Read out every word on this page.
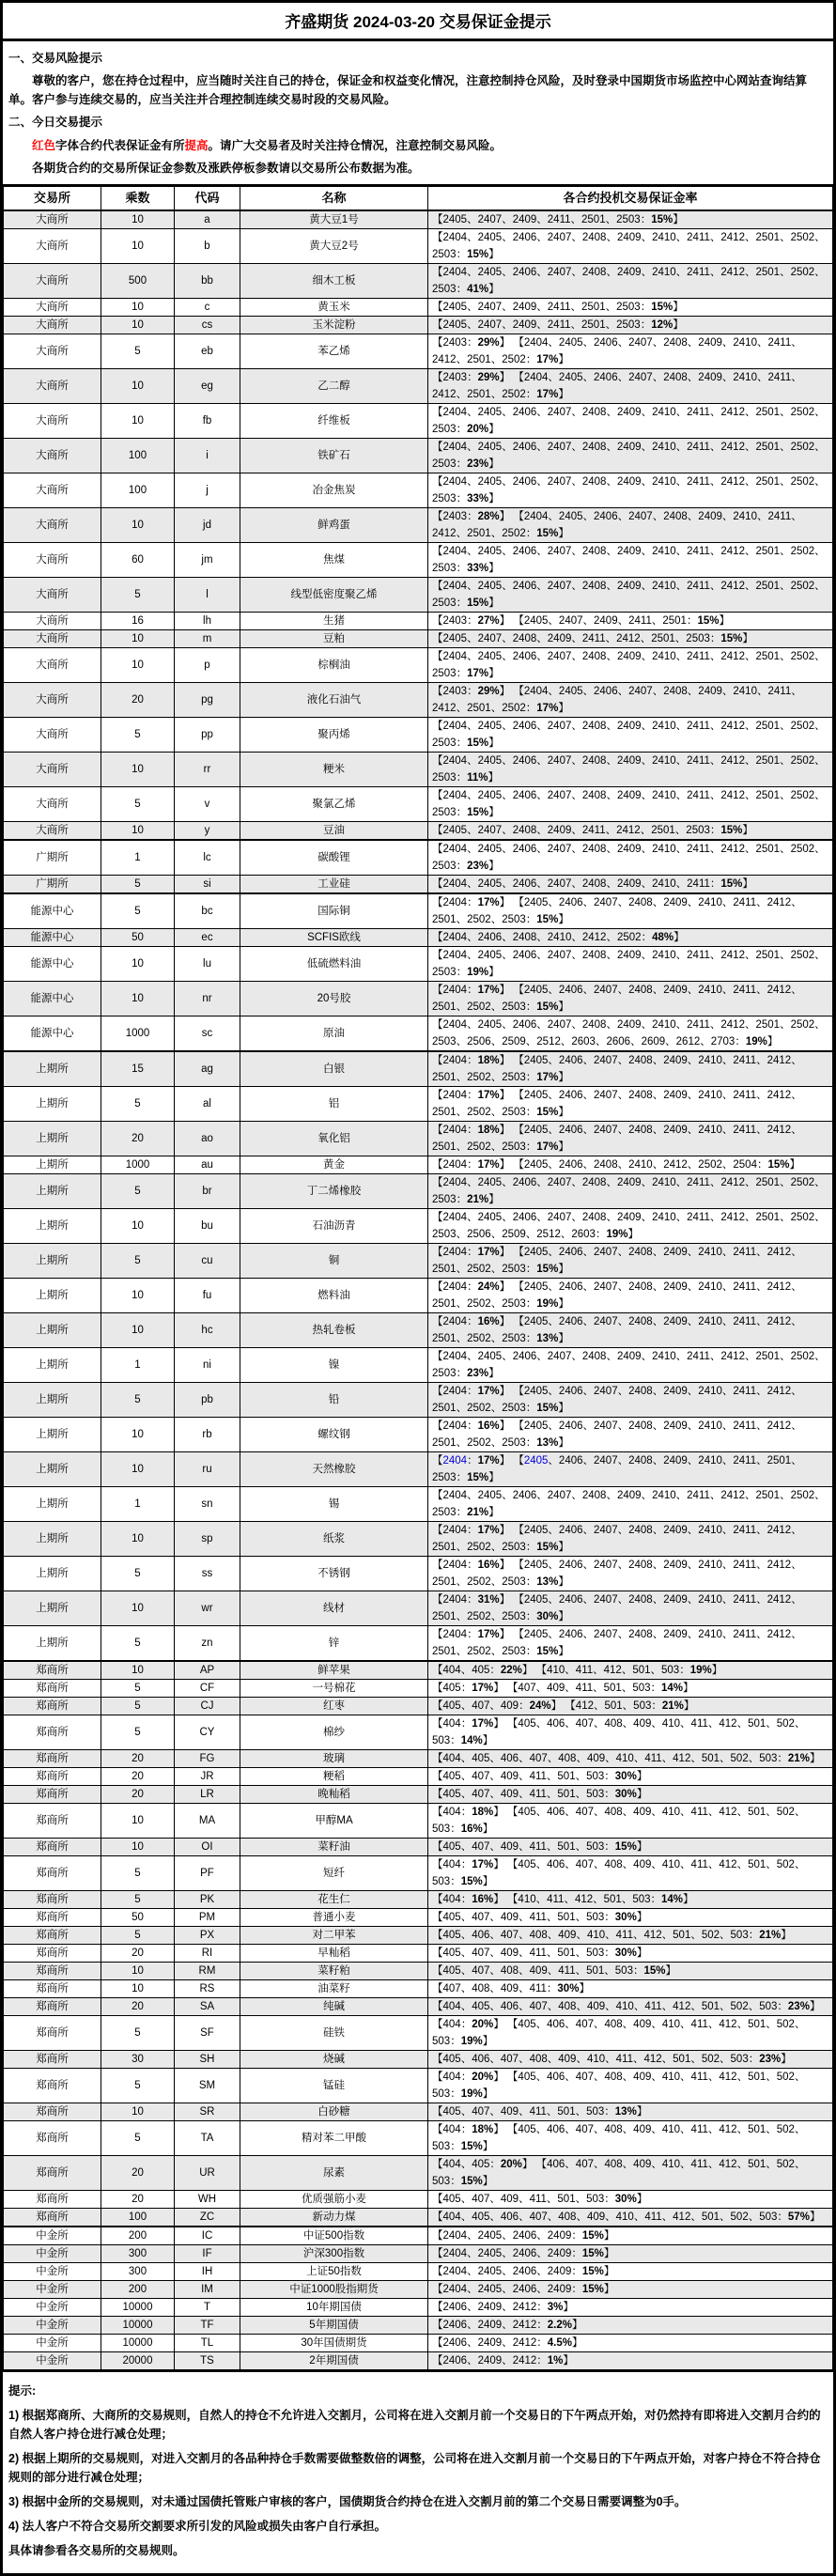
齐盛期货 2024-03-20 交易保证金提示

一、交易风险提示

尊敬的客户，您在持仓过程中，应当随时关注自己的持仓，保证金和权益变化情况，注意控制持仓风险，及时登录中国期货市场监控中心网站查询结算单。客户参与连续交易的，应当关注并合理控制连续交易时段的交易风险。

二、今日交易提示

红色字体合约代表保证金有所提高。请广大交易者及时关注持仓情况，注意控制交易风险。

各期货合约的交易所保证金参数及涨跌停板参数请以交易所公布数据为准。

交易所	乘数	代码	名称	各合约投机交易保证金率
大商所	10	a	黄大豆1号	【2405、2407、2409、2411、2501、2503：15%】
大商所	10	b	黄大豆2号	【2404、2405、2406、2407、2408、2409、2410、2411、2412、2501、2502、2503：15%】
大商所	500	bb	细木工板	【2404、2405、2406、2407、2408、2409、2410、2411、2412、2501、2502、2503：41%】
大商所	10	c	黄玉米	【2405、2407、2409、2411、2501、2503：15%】
大商所	10	cs	玉米淀粉	【2405、2407、2409、2411、2501、2503：12%】
大商所	5	eb	苯乙烯	【2403：29%】 【2404、2405、2406、2407、2408、2409、2410、2411、2412、2501、2502：17%】
大商所	10	eg	乙二醇	【2403：29%】 【2404、2405、2406、2407、2408、2409、2410、2411、2412、2501、2502：17%】
大商所	10	fb	纤维板	【2404、2405、2406、2407、2408、2409、2410、2411、2412、2501、2502、2503：20%】
大商所	100	i	铁矿石	【2404、2405、2406、2407、2408、2409、2410、2411、2412、2501、2502、2503：23%】
大商所	100	j	冶金焦炭	【2404、2405、2406、2407、2408、2409、2410、2411、2412、2501、2502、2503：33%】
大商所	10	jd	鲜鸡蛋	【2403：28%】 【2404、2405、2406、2407、2408、2409、2410、2411、2412、2501、2502：15%】
大商所	60	jm	焦煤	【2404、2405、2406、2407、2408、2409、2410、2411、2412、2501、2502、2503：33%】
大商所	5	l	线型低密度聚乙烯	【2404、2405、2406、2407、2408、2409、2410、2411、2412、2501、2502、2503：15%】
大商所	16	lh	生猪	【2403：27%】 【2405、2407、2409、2411、2501：15%】
大商所	10	m	豆粕	【2405、2407、2408、2409、2411、2412、2501、2503：15%】
大商所	10	p	棕榈油	【2404、2405、2406、2407、2408、2409、2410、2411、2412、2501、2502、2503：17%】
大商所	20	pg	液化石油气	【2403：29%】 【2404、2405、2406、2407、2408、2409、2410、2411、2412、2501、2502：17%】
大商所	5	pp	聚丙烯	【2404、2405、2406、2407、2408、2409、2410、2411、2412、2501、2502、2503：15%】
大商所	10	rr	粳米	【2404、2405、2406、2407、2408、2409、2410、2411、2412、2501、2502、2503：11%】
大商所	5	v	聚氯乙烯	【2404、2405、2406、2407、2408、2409、2410、2411、2412、2501、2502、2503：15%】
大商所	10	y	豆油	【2405、2407、2408、2409、2411、2412、2501、2503：15%】
广期所	1	lc	碳酸锂	【2404、2405、2406、2407、2408、2409、2410、2411、2412、2501、2502、2503：23%】
广期所	5	si	工业硅	【2404、2405、2406、2407、2408、2409、2410、2411：15%】
能源中心	5	bc	国际铜	【2404：17%】 【2405、2406、2407、2408、2409、2410、2411、2412、2501、2502、2503：15%】
能源中心	50	ec	SCFIS欧线	【2404、2406、2408、2410、2412、2502：48%】
能源中心	10	lu	低硫燃料油	【2404、2405、2406、2407、2408、2409、2410、2411、2412、2501、2502、2503：19%】
能源中心	10	nr	20号胶	【2404：17%】 【2405、2406、2407、2408、2409、2410、2411、2412、2501、2502、2503：15%】
能源中心	1000	sc	原油	【2404、2405、2406、2407、2408、2409、2410、2411、2412、2501、2502、2503、2506、2509、2512、2603、2606、2609、2612、2703：19%】
上期所	15	ag	白银	【2404：18%】 【2405、2406、2407、2408、2409、2410、2411、2412、2501、2502、2503：17%】
上期所	5	al	铝	【2404：17%】 【2405、2406、2407、2408、2409、2410、2411、2412、2501、2502、2503：15%】
上期所	20	ao	氧化铝	【2404：18%】 【2405、2406、2407、2408、2409、2410、2411、2412、2501、2502、2503：17%】
上期所	1000	au	黄金	【2404：17%】 【2405、2406、2408、2410、2412、2502、2504：15%】
上期所	5	br	丁二烯橡胶	【2404、2405、2406、2407、2408、2409、2410、2411、2412、2501、2502、2503：21%】
上期所	10	bu	石油沥青	【2404、2405、2406、2407、2408、2409、2410、2411、2412、2501、2502、2503、2506、2509、2512、2603：19%】
上期所	5	cu	铜	【2404：17%】 【2405、2406、2407、2408、2409、2410、2411、2412、2501、2502、2503：15%】
上期所	10	fu	燃料油	【2404：24%】 【2405、2406、2407、2408、2409、2410、2411、2412、2501、2502、2503：19%】
上期所	10	hc	热轧卷板	【2404：16%】 【2405、2406、2407、2408、2409、2410、2411、2412、2501、2502、2503：13%】
上期所	1	ni	镍	【2404、2405、2406、2407、2408、2409、2410、2411、2412、2501、2502、2503：23%】
上期所	5	pb	铅	【2404：17%】 【2405、2406、2407、2408、2409、2410、2411、2412、2501、2502、2503：15%】
上期所	10	rb	螺纹钢	【2404：16%】 【2405、2406、2407、2408、2409、2410、2411、2412、2501、2502、2503：13%】
上期所	10	ru	天然橡胶	【2404：17%】 【2405、2406、2407、2408、2409、2410、2411、2501、2503：15%】
上期所	1	sn	锡	【2404、2405、2406、2407、2408、2409、2410、2411、2412、2501、2502、2503：21%】
上期所	10	sp	纸浆	【2404：17%】 【2405、2406、2407、2408、2409、2410、2411、2412、2501、2502、2503：15%】
上期所	5	ss	不锈钢	【2404：16%】 【2405、2406、2407、2408、2409、2410、2411、2412、2501、2502、2503：13%】
上期所	10	wr	线材	【2404：31%】 【2405、2406、2407、2408、2409、2410、2411、2412、2501、2502、2503：30%】
上期所	5	zn	锌	【2404：17%】 【2405、2406、2407、2408、2409、2410、2411、2412、2501、2502、2503：15%】
郑商所	10	AP	鲜苹果	【404、405：22%】 【410、411、412、501、503：19%】
郑商所	5	CF	一号棉花	【405：17%】 【407、409、411、501、503：14%】
郑商所	5	CJ	红枣	【405、407、409：24%】 【412、501、503：21%】
郑商所	5	CY	棉纱	【404：17%】 【405、406、407、408、409、410、411、412、501、502、503：14%】
郑商所	20	FG	玻璃	【404、405、406、407、408、409、410、411、412、501、502、503：21%】
郑商所	20	JR	粳稻	【405、407、409、411、501、503：30%】
郑商所	20	LR	晚籼稻	【405、407、409、411、501、503：30%】
郑商所	10	MA	甲醇MA	【404：18%】 【405、406、407、408、409、410、411、412、501、502、503：16%】
郑商所	10	OI	菜籽油	【405、407、409、411、501、503：15%】
郑商所	5	PF	短纤	【404：17%】 【405、406、407、408、409、410、411、412、501、502、503：15%】
郑商所	5	PK	花生仁	【404：16%】 【410、411、412、501、503：14%】
郑商所	50	PM	普通小麦	【405、407、409、411、501、503：30%】
郑商所	5	PX	对二甲苯	【405、406、407、408、409、410、411、412、501、502、503：21%】
郑商所	20	RI	早籼稻	【405、407、409、411、501、503：30%】
郑商所	10	RM	菜籽粕	【405、407、408、409、411、501、503：15%】
郑商所	10	RS	油菜籽	【407、408、409、411：30%】
郑商所	20	SA	纯碱	【404、405、406、407、408、409、410、411、412、501、502、503：23%】
郑商所	5	SF	硅铁	【404：20%】 【405、406、407、408、409、410、411、412、501、502、503：19%】
郑商所	30	SH	烧碱	【405、406、407、408、409、410、411、412、501、502、503：23%】
郑商所	5	SM	锰硅	【404：20%】 【405、406、407、408、409、410、411、412、501、502、503：19%】
郑商所	10	SR	白砂糖	【405、407、409、411、501、503：13%】
郑商所	5	TA	精对苯二甲酸	【404：18%】 【405、406、407、408、409、410、411、412、501、502、503：15%】
郑商所	20	UR	尿素	【404、405：20%】 【406、407、408、409、410、411、412、501、502、503：15%】
郑商所	20	WH	优质强筋小麦	【405、407、409、411、501、503：30%】
郑商所	100	ZC	新动力煤	【404、405、406、407、408、409、410、411、412、501、502、503：57%】
中金所	200	IC	中证500指数	【2404、2405、2406、2409：15%】
中金所	300	IF	沪深300指数	【2404、2405、2406、2409：15%】
中金所	300	IH	上证50指数	【2404、2405、2406、2409：15%】
中金所	200	IM	中证1000股指期货	【2404、2405、2406、2409：15%】
中金所	10000	T	10年期国债	【2406、2409、2412：3%】
中金所	10000	TF	5年期国债	【2406、2409、2412：2.2%】
中金所	10000	TL	30年国债期货	【2406、2409、2412：4.5%】
中金所	20000	TS	2年期国债	【2406、2409、2412：1%】

提示:

1) 根据郑商所、大商所的交易规则，自然人的持仓不允许进入交割月，公司将在进入交割月前一个交易日的下午两点开始，对仍然持有即将进入交割月合约的自然人客户持仓进行减仓处理；

2) 根据上期所的交易规则，对进入交割月的各品种持仓手数需要做整数倍的调整，公司将在进入交割月前一个交易日的下午两点开始，对客户持仓不符合持仓规则的部分进行减仓处理；

3) 根据中金所的交易规则，对未通过国债托管账户审核的客户，国债期货合约持仓在进入交割月前的第二个交易日需要调整为0手。

4) 法人客户不符合交易所交割要求所引发的风险或损失由客户自行承担。

具体请参看各交易所的交易规则。
